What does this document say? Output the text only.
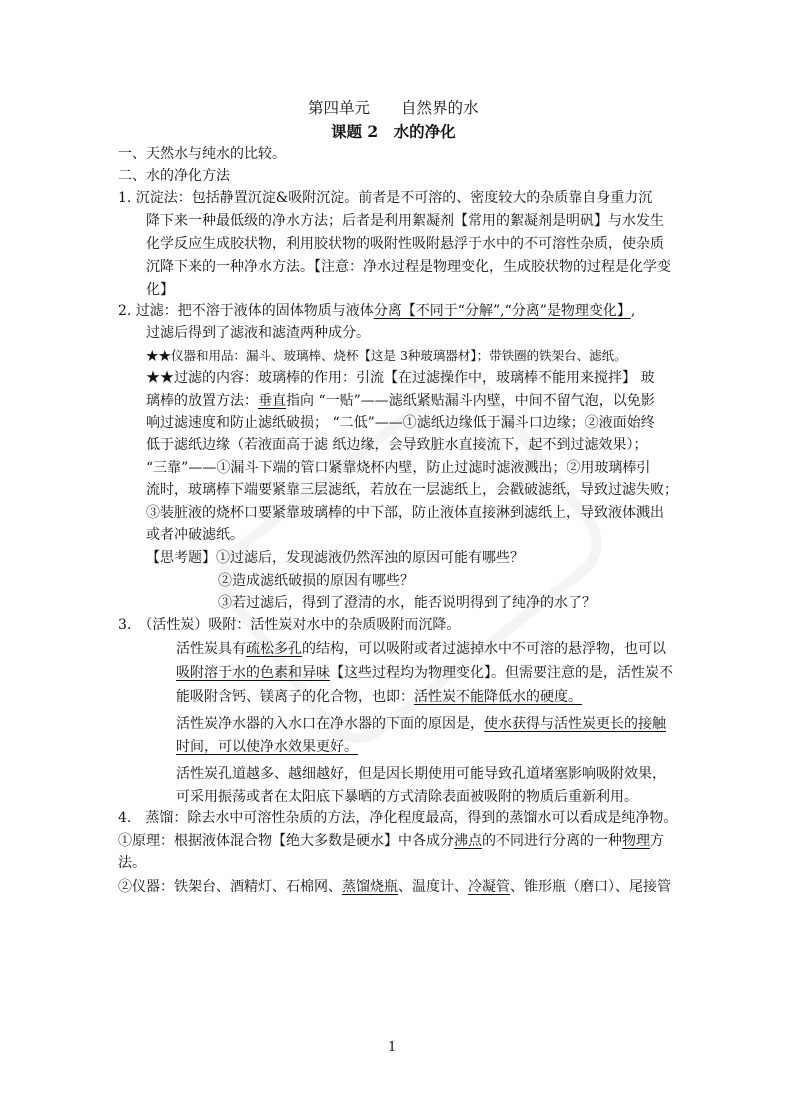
第四单元　　自然界的水
课题 2　水的净化
一、天然水与纯水的比较。
二、水的净化方法
1. 沉淀法：包括静置沉淀&吸附沉淀。前者是不可溶的、密度较大的杂质靠自身重力沉
降下来一种最低级的净水方法；后者是利用絮凝剂【常用的絮凝剂是明矾】与水发生
化学反应生成胶状物，利用胶状物的吸附性吸附悬浮于水中的不可溶性杂质，使杂质
沉降下来的一种净水方法。【注意：净水过程是物理变化，生成胶状物的过程是化学变
化】
2. 过滤：把不溶于液体的固体物质与液体分离【不同于“分解”,“分离”是物理变化】,
过滤后得到了滤液和滤渣两种成分。
★★仪器和用品：漏斗、玻璃棒、烧杯【这是 3种玻璃器材】；带铁圈的铁架台、滤纸。
★★过滤的内容：玻璃棒的作用：引流【在过滤操作中，玻璃棒不能用来搅拌】 玻
璃棒的放置方法：垂直指向 “一贴”——滤纸紧贴漏斗内壁，中间不留气泡，以免影
响过滤速度和防止滤纸破损； “二低”——①滤纸边缘低于漏斗口边缘；②液面始终
低于滤纸边缘（若液面高于滤 纸边缘，会导致脏水直接流下，起不到过滤效果）；
“三靠”——①漏斗下端的管口紧靠烧杯内壁，防止过滤时滤液溅出；②用玻璃棒引
流时，玻璃棒下端要紧靠三层滤纸，若放在一层滤纸上，会戳破滤纸，导致过滤失败；
③装脏液的烧杯口要紧靠玻璃棒的中下部，防止液体直接淋到滤纸上，导致液体溅出
或者冲破滤纸。
【思考题】①过滤后，发现滤液仍然浑浊的原因可能有哪些？
②造成滤纸破损的原因有哪些？
③若过滤后，得到了澄清的水，能否说明得到了纯净的水了？
3.　（活性炭）吸附：活性炭对水中的杂质吸附而沉降。
活性炭具有疏松多孔的结构，可以吸附或者过滤掉水中不可溶的悬浮物，也可以
吸附溶于水的色素和异味【这些过程均为物理变化】。但需要注意的是，活性炭不
能吸附含钙、镁离子的化合物，也即：活性炭不能降低水的硬度。
活性炭净水器的入水口在净水器的下面的原因是，使水获得与活性炭更长的接触
时间，可以使净水效果更好。
活性炭孔道越多、越细越好，但是因长期使用可能导致孔道堵塞影响吸附效果，
可采用振荡或者在太阳底下暴晒的方式清除表面被吸附的物质后重新利用。
4.　蒸馏：除去水中可溶性杂质的方法，净化程度最高，得到的蒸馏水可以看成是纯净物。
①原理：根据液体混合物【绝大多数是硬水】中各成分沸点的不同进行分离的一种物理方
法。
②仪器：铁架台、酒精灯、石棉网、蒸馏烧瓶、温度计、冷凝管、锥形瓶（磨口）、尾接管
1
